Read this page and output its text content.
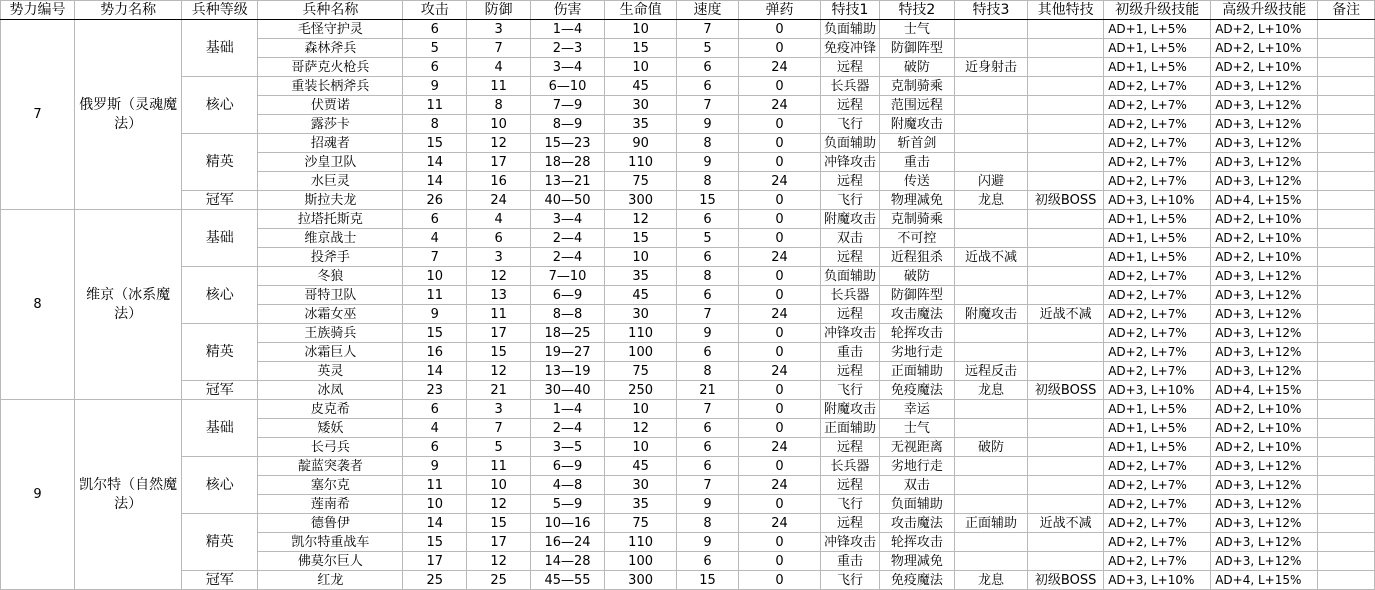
势力编号	势力名称	兵种等级	兵种名称	攻击	防御	伤害	生命值	速度	弹药	特技1	特技2	特技3	其他特技	初级升级技能	高级升级技能	备注
7	俄罗斯（灵魂魔法）	基础	毛怪守护灵	6	3	1—4	10	7	0	负面辅助	士气			AD+1, L+5%	AD+2, L+10%	
			森林斧兵	5	7	2—3	15	5	0	免疫冲锋	防御阵型			AD+1, L+5%	AD+2, L+10%	
			哥萨克火枪兵	6	4	3—4	10	6	24	远程	破防	近身射击		AD+1, L+5%	AD+2, L+10%	
		核心	重装长柄斧兵	9	11	6—10	45	6	0	长兵器	克制骑乘			AD+2, L+7%	AD+3, L+12%	
			伏贾诺	11	8	7—9	30	7	24	远程	范围远程			AD+2, L+7%	AD+3, L+12%	
			露莎卡	8	10	8—9	35	9	0	飞行	附魔攻击			AD+2, L+7%	AD+3, L+12%	
		精英	招魂者	15	12	15—23	90	8	0	负面辅助	斩首剑			AD+2, L+7%	AD+3, L+12%	
			沙皇卫队	14	17	18—28	110	9	0	冲锋攻击	重击			AD+2, L+7%	AD+3, L+12%	
			水巨灵	14	16	13—21	75	8	24	远程	传送	闪避		AD+2, L+7%	AD+3, L+12%	
		冠军	斯拉夫龙	26	24	40—50	300	15	0	飞行	物理减免	龙息	初级BOSS	AD+3, L+10%	AD+4, L+15%	
8	维京（冰系魔法）	基础	拉塔托斯克	6	4	3—4	12	6	0	附魔攻击	克制骑乘			AD+1, L+5%	AD+2, L+10%	
			维京战士	4	6	2—4	15	5	0	双击	不可控			AD+1, L+5%	AD+2, L+10%	
			投斧手	7	3	2—4	10	6	24	远程	近程狙杀	近战不减		AD+1, L+5%	AD+2, L+10%	
		核心	冬狼	10	12	7—10	35	8	0	负面辅助	破防			AD+2, L+7%	AD+3, L+12%	
			哥特卫队	11	13	6—9	45	6	0	长兵器	防御阵型			AD+2, L+7%	AD+3, L+12%	
			冰霜女巫	9	11	8—8	30	7	24	远程	攻击魔法	附魔攻击	近战不减	AD+2, L+7%	AD+3, L+12%	
		精英	王族骑兵	15	17	18—25	110	9	0	冲锋攻击	轮挥攻击			AD+2, L+7%	AD+3, L+12%	
			冰霜巨人	16	15	19—27	100	6	0	重击	劣地行走			AD+2, L+7%	AD+3, L+12%	
			英灵	14	12	13—19	75	8	24	远程	正面辅助	远程反击		AD+2, L+7%	AD+3, L+12%	
		冠军	冰凤	23	21	30—40	250	21	0	飞行	免疫魔法	龙息	初级BOSS	AD+3, L+10%	AD+4, L+15%	
9	凯尔特（自然魔法）	基础	皮克希	6	3	1—4	10	7	0	附魔攻击	幸运			AD+1, L+5%	AD+2, L+10%	
			矮妖	4	7	2—4	12	6	0	正面辅助	士气			AD+1, L+5%	AD+2, L+10%	
			长弓兵	6	5	3—5	10	6	24	远程	无视距离	破防		AD+1, L+5%	AD+2, L+10%	
		核心	靛蓝突袭者	9	11	6—9	45	6	0	长兵器	劣地行走			AD+2, L+7%	AD+3, L+12%	
			塞尔克	11	10	4—8	30	7	24	远程	双击			AD+2, L+7%	AD+3, L+12%	
			莲南希	10	12	5—9	35	9	0	飞行	负面辅助			AD+2, L+7%	AD+3, L+12%	
		精英	德鲁伊	14	15	10—16	75	8	24	远程	攻击魔法	正面辅助	近战不减	AD+2, L+7%	AD+3, L+12%	
			凯尔特重战车	15	17	16—24	110	9	0	冲锋攻击	轮挥攻击			AD+2, L+7%	AD+3, L+12%	
			佛莫尔巨人	17	12	14—28	100	6	0	重击	物理减免			AD+2, L+7%	AD+3, L+12%	
		冠军	红龙	25	25	45—55	300	15	0	飞行	免疫魔法	龙息	初级BOSS	AD+3, L+10%	AD+4, L+15%	
